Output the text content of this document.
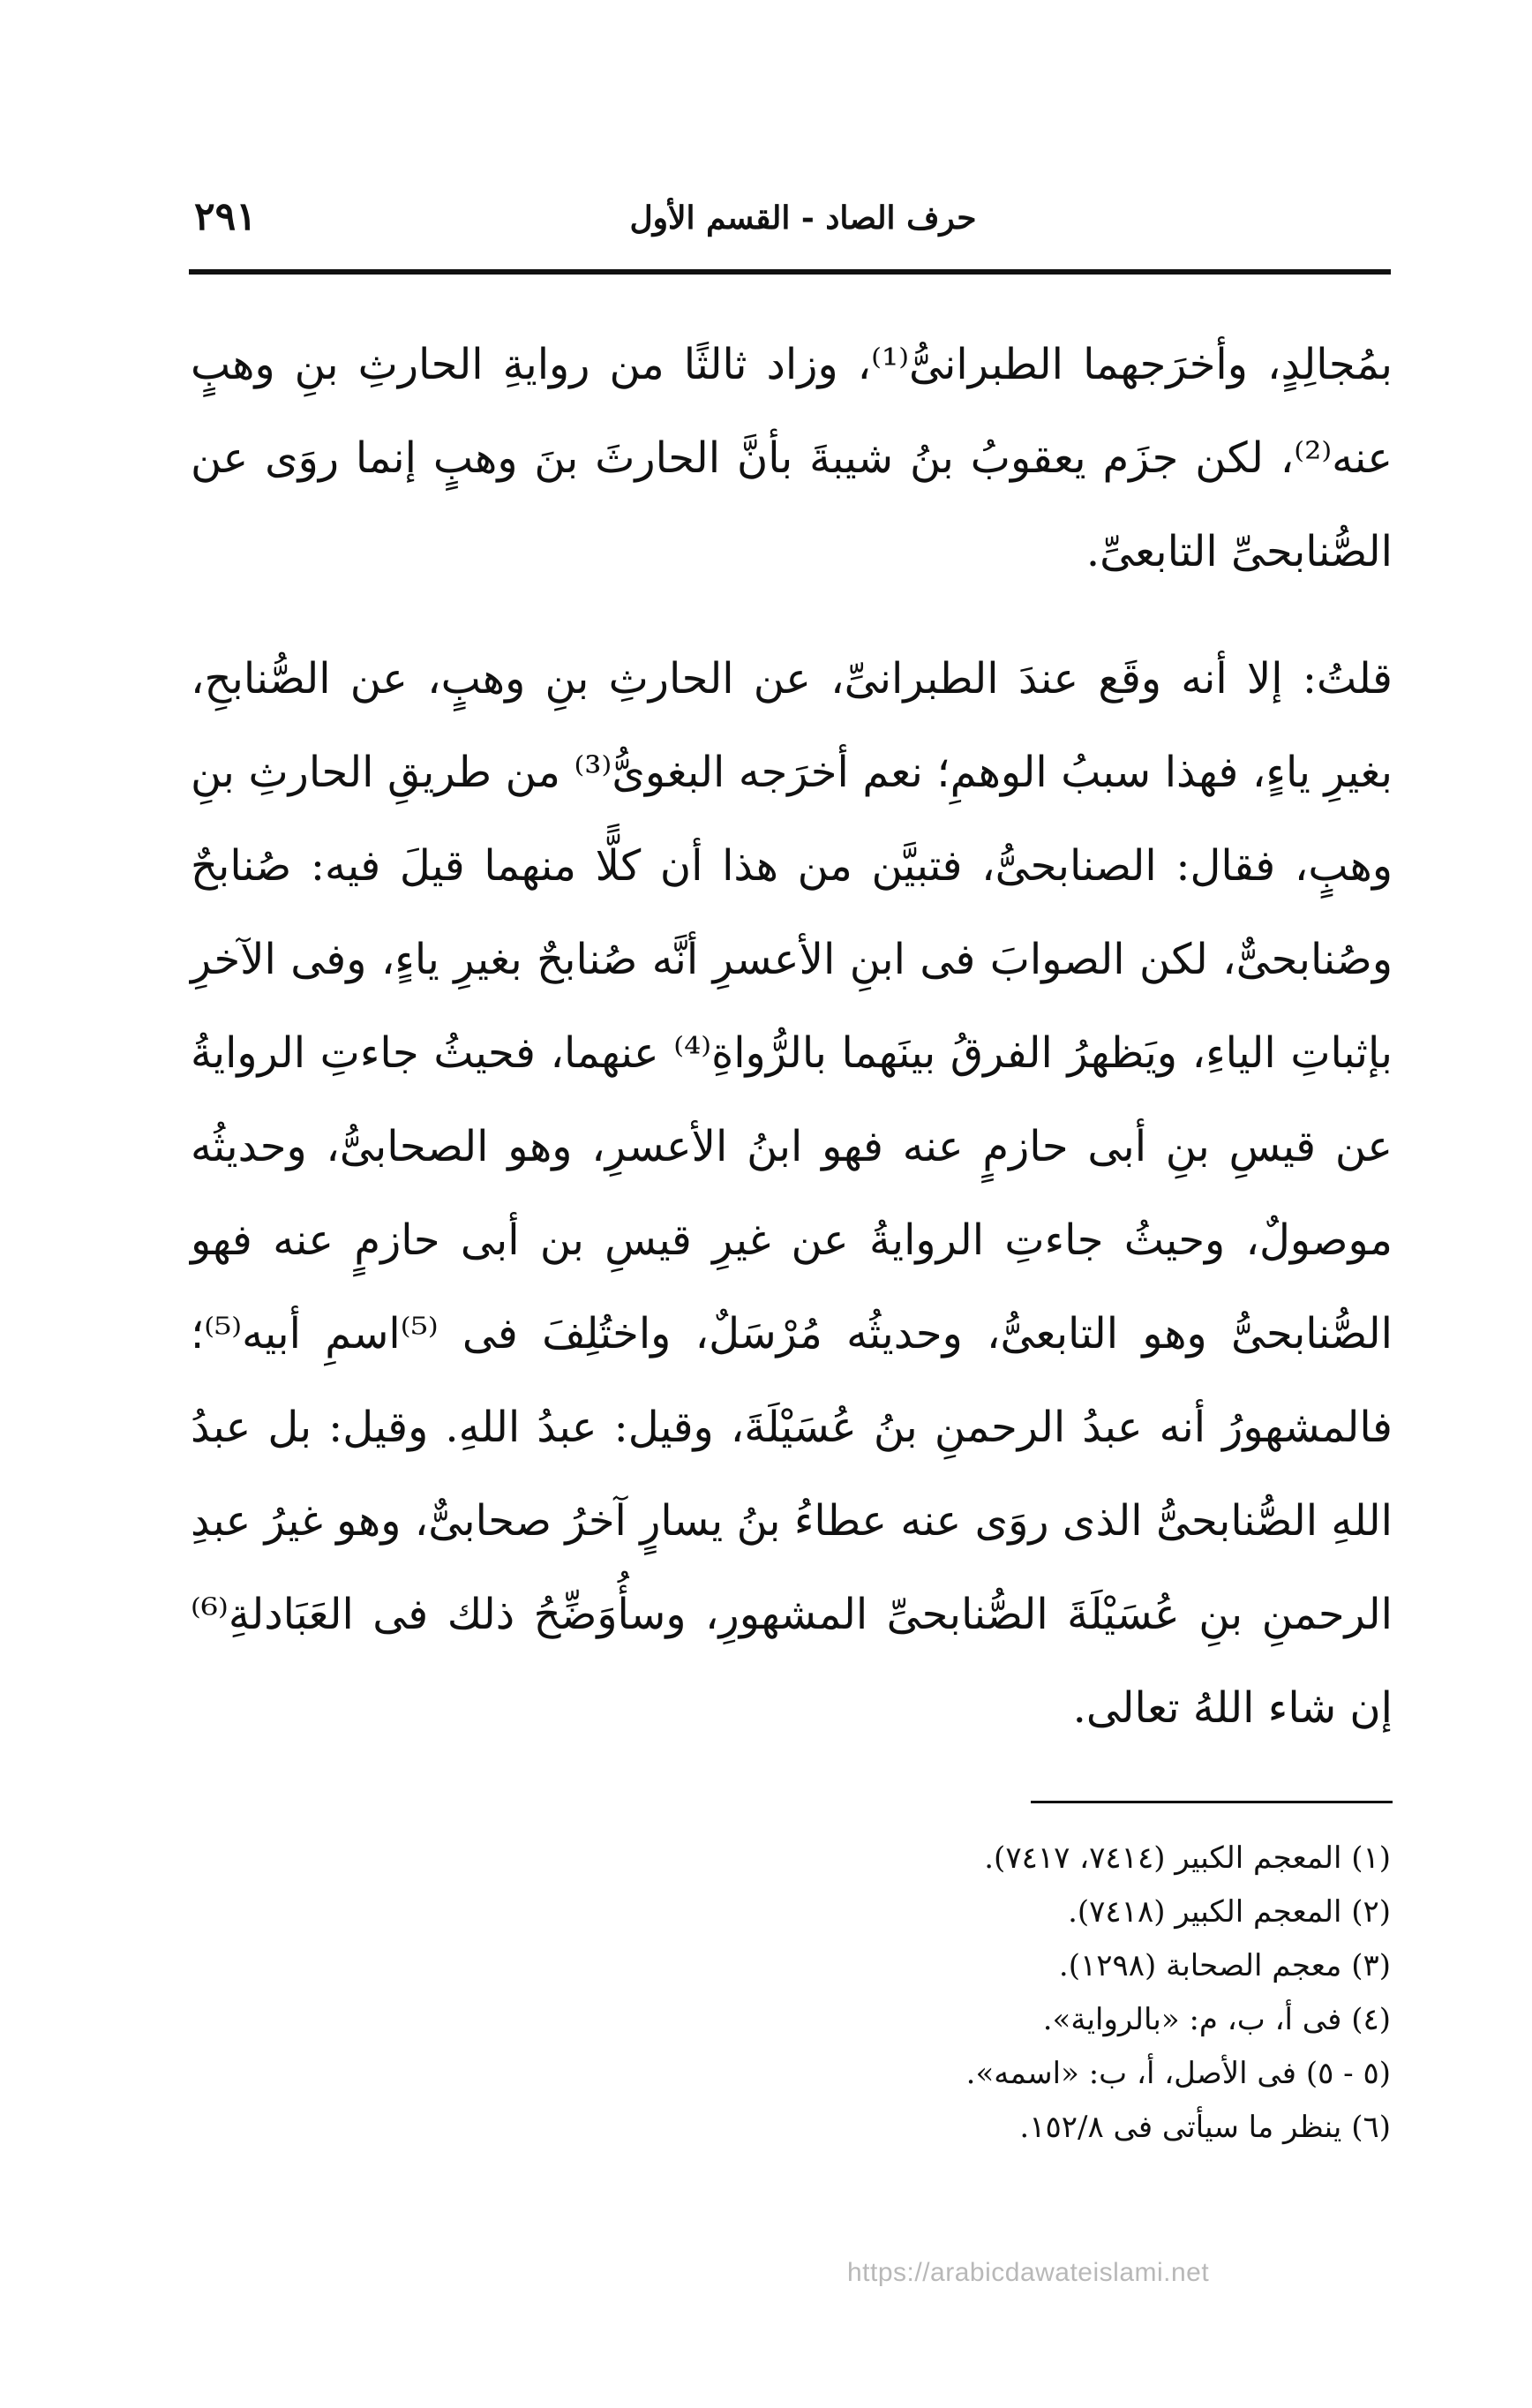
٢٩١	حرف الصاد - القسم الأول

بمُجالِدٍ، وأخرَجهما الطبرانىُّ⁽¹⁾، وزاد ثالثًا من روايةِ الحارثِ بنِ وهبٍ عنه⁽²⁾، لكن جزَم يعقوبُ بنُ شيبةَ بأنَّ الحارثَ بنَ وهبٍ إنما روَى عن الصُّنابحىِّ التابعىِّ.

قلتُ: إلا أنه وقَع عندَ الطبرانىِّ، عن الحارثِ بنِ وهبٍ، عن الصُّنابحِ، بغيرِ ياءٍ، فهذا سببُ الوهمِ؛ نعم أخرَجه البغوىُّ⁽³⁾ من طريقِ الحارثِ بنِ وهبٍ، فقال: الصنابحىُّ، فتبيَّن من هذا أن كلًّا منهما قيلَ فيه: صُنابحٌ وصُنابحىٌّ، لكن الصوابَ فى ابنِ الأعسرِ أنَّه صُنابحٌ بغيرِ ياءٍ، وفى الآخرِ بإثباتِ الياءِ، ويَظهرُ الفرقُ بينَهما بالرُّواةِ⁽⁴⁾ عنهما، فحيثُ جاءتِ الروايةُ عن قيسِ بنِ أبى حازمٍ عنه فهو ابنُ الأعسرِ، وهو الصحابىُّ، وحديثُه موصولٌ، وحيثُ جاءتِ الروايةُ عن غيرِ قيسِ بن أبى حازمٍ عنه فهو الصُّنابحىُّ وهو التابعىُّ، وحديثُه مُرْسَلٌ، واختُلِفَ فى ⁽⁵⁾اسمِ أبيه⁽⁵⁾؛ فالمشهورُ أنه عبدُ الرحمنِ بنُ عُسَيْلَةَ، وقيل: عبدُ اللهِ. وقيل: بل عبدُ اللهِ الصُّنابحىُّ الذى روَى عنه عطاءُ بنُ يسارٍ آخرُ صحابىٌّ، وهو غيرُ عبدِ الرحمنِ بنِ عُسَيْلَةَ الصُّنابحىِّ المشهورِ، وسأُوَضِّحُ ذلك فى العَبَادلةِ⁽⁶⁾ إن شاء اللهُ تعالى.

(١) المعجم الكبير (٧٤١٤، ٧٤١٧).
(٢) المعجم الكبير (٧٤١٨).
(٣) معجم الصحابة (١٢٩٨).
(٤) فى أ، ب، م: «بالرواية».
(٥ - ٥) فى الأصل، أ، ب: «اسمه».
(٦) ينظر ما سيأتى فى ١٥٢/٨.
https://arabicdawateislami.net
